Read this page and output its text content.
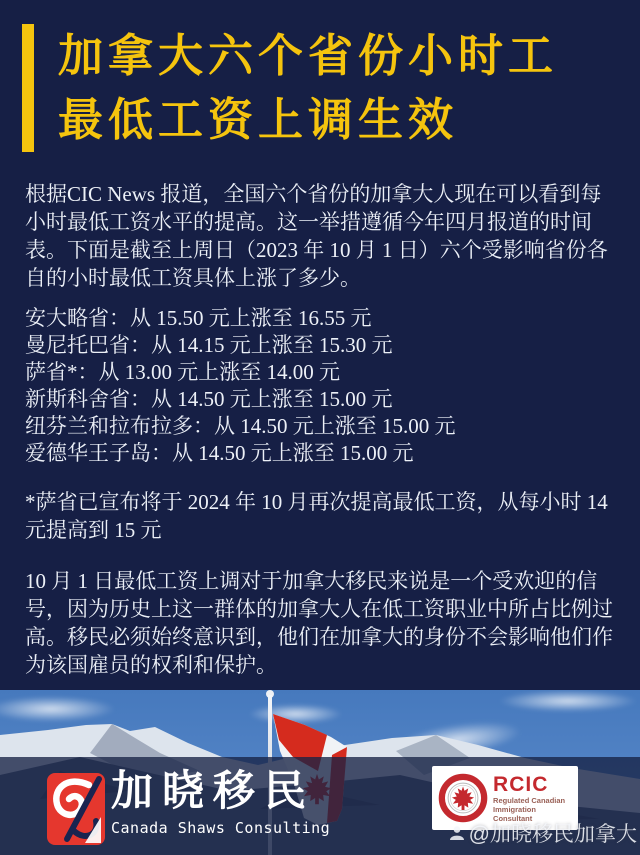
加拿大六个省份小时工
最低工资上调生效

根据CIC News 报道，全国六个省份的加拿大人现在可以看到每小时最低工资水平的提高。这一举措遵循今年四月报道的时间表。下面是截至上周日（2023 年 10 月 1 日）六个受影响省份各自的小时最低工资具体上涨了多少。

安大略省：从 15.50 元上涨至 16.55 元
曼尼托巴省：从 14.15 元上涨至 15.30 元
萨省*：从 13.00 元上涨至 14.00 元
新斯科舍省：从 14.50 元上涨至 15.00 元
纽芬兰和拉布拉多：从 14.50 元上涨至 15.00 元
爱德华王子岛：从 14.50 元上涨至 15.00 元

*萨省已宣布将于 2024 年 10 月再次提高最低工资，从每小时 14 元提高到 15 元

10 月 1 日最低工资上调对于加拿大移民来说是一个受欢迎的信号，因为历史上这一群体的加拿大人在低工资职业中所占比例过高。移民必须始终意识到，他们在加拿大的身份不会影响他们作为该国雇员的权利和保护。

加晓移民
Canada Shaws Consulting
RCIC
Regulated Canadian
Immigration Consultant
@加晓移民加拿大
